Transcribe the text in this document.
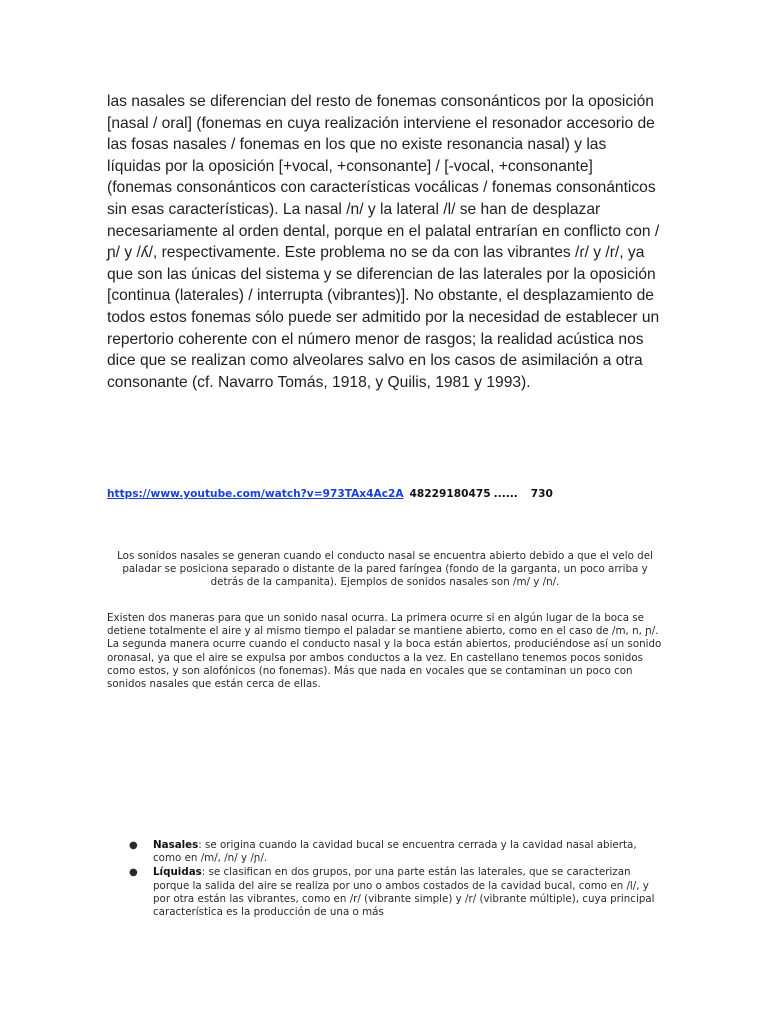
las nasales se diferencian del resto de fonemas consonánticos por la oposición [nasal / oral] (fonemas en cuya realización interviene el resonador accesorio de las fosas nasales / fonemas en los que no existe resonancia nasal) y las líquidas por la oposición [+vocal, +consonante] / [-vocal, +consonante] (fonemas consonánticos con características vocálicas / fonemas consonánticos sin esas características). La nasal /n/ y la lateral /l/ se han de desplazar necesariamente al orden dental, porque en el palatal entrarían en conflicto con /ɲ/ y /ʎ/, respectivamente. Este problema no se da con las vibrantes /ɾ/ y /r/, ya que son las únicas del sistema y se diferencian de las laterales por la oposición [continua (laterales) / interrupta (vibrantes)]. No obstante, el desplazamiento de todos estos fonemas sólo puede ser admitido por la necesidad de establecer un repertorio coherente con el número menor de rasgos; la realidad acústica nos dice que se realizan como alveolares salvo en los casos de asimilación a otra consonante (cf. Navarro Tomás, 1918, y Quilis, 1981 y 1993).

https://www.youtube.com/watch?v=973TAx4Ac2A 48229180475 ...... 730

Los sonidos nasales se generan cuando el conducto nasal se encuentra abierto debido a que el velo del paladar se posiciona separado o distante de la pared faríngea (fondo de la garganta, un poco arriba y detrás de la campanita). Ejemplos de sonidos nasales son /m/ y /n/.

Existen dos maneras para que un sonido nasal ocurra. La primera ocurre si en algún lugar de la boca se detiene totalmente el aire y al mismo tiempo el paladar se mantiene abierto, como en el caso de /m, n, ɲ/. La segunda manera ocurre cuando el conducto nasal y la boca están abiertos, produciéndose así un sonido oronasal, ya que el aire se expulsa por ambos conductos a la vez. En castellano tenemos pocos sonidos como estos, y son alofónicos (no fonemas). Más que nada en vocales que se contaminan un poco con sonidos nasales que están cerca de ellas.

● Nasales: se origina cuando la cavidad bucal se encuentra cerrada y la cavidad nasal abierta, como en /m/, /n/ y /ɲ/.
● Líquidas: se clasifican en dos grupos, por una parte están las laterales, que se caracterizan porque la salida del aire se realiza por uno o ambos costados de la cavidad bucal, como en /l/, y por otra están las vibrantes, como en /r/ (vibrante simple) y /r/ (vibrante múltiple), cuya principal característica es la producción de una o más
